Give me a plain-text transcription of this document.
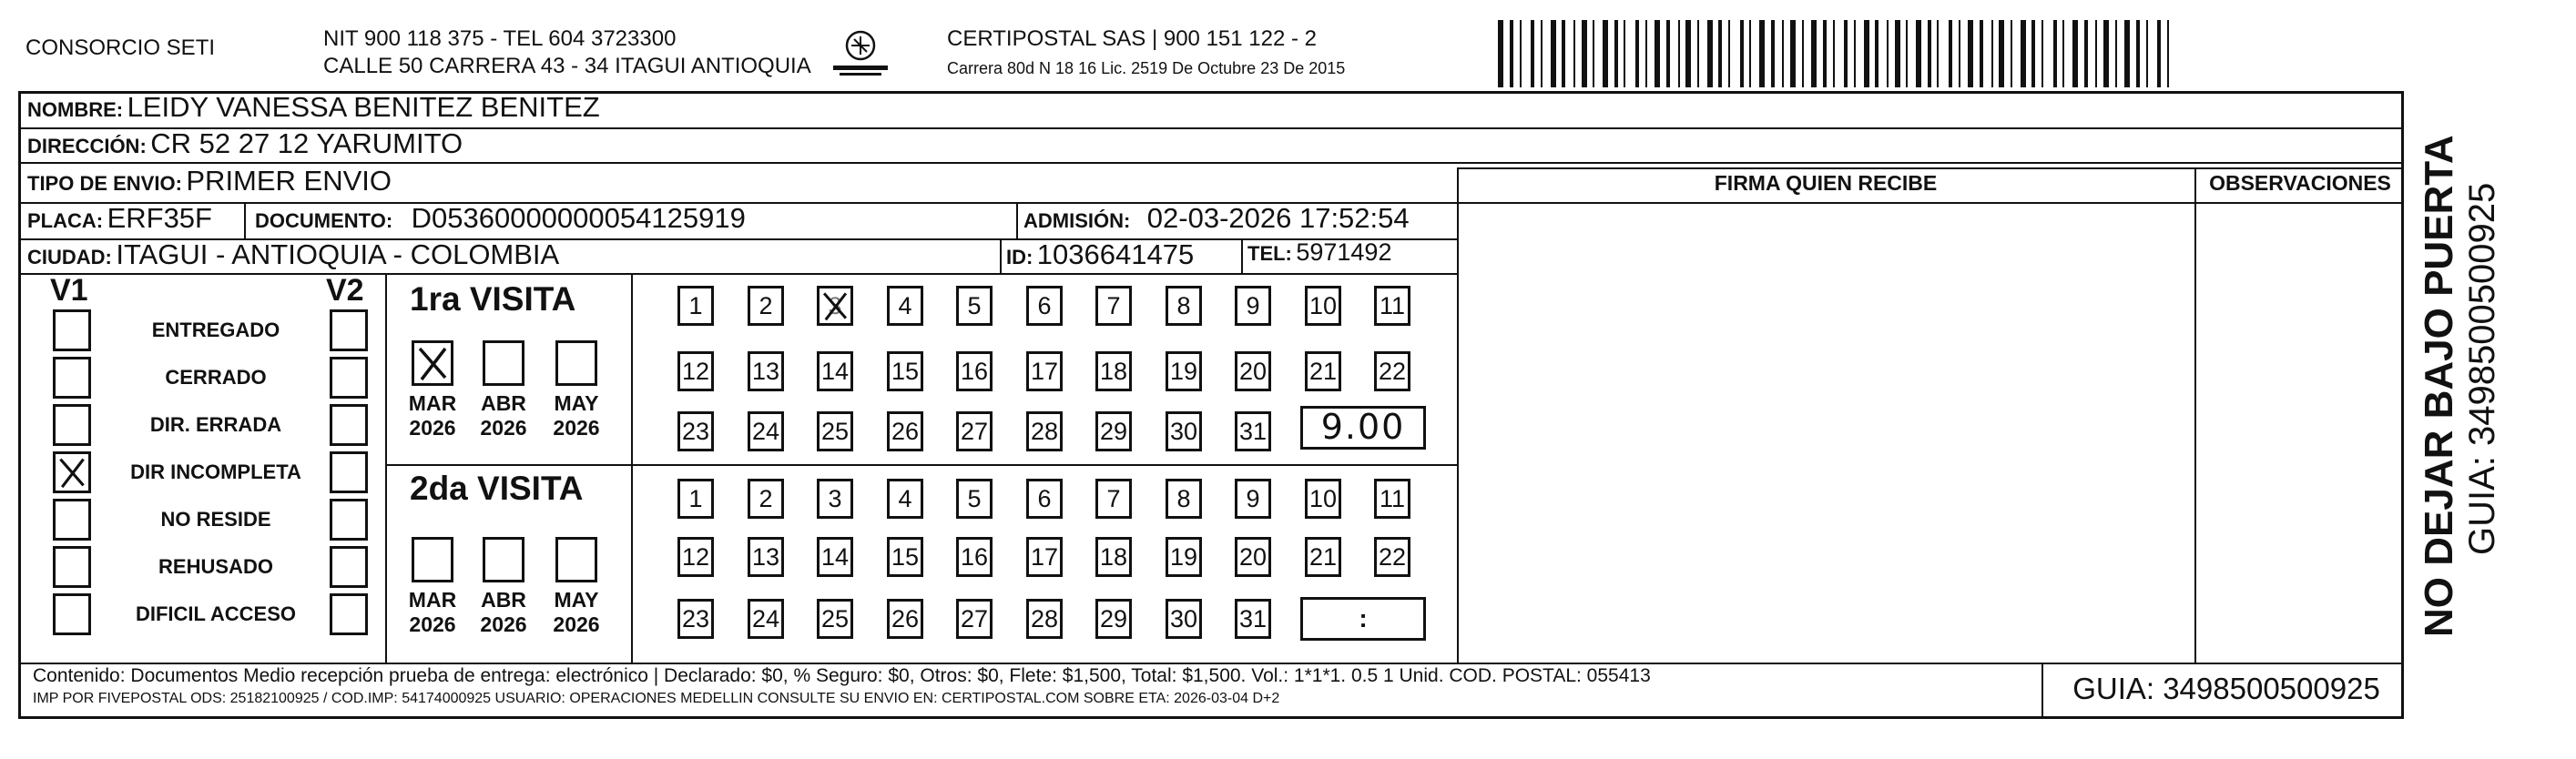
CONSORCIO SETI	NIT 900 118 375 - TEL 604 3723300
CALLE 50 CARRERA 43 - 34 ITAGUI ANTIOQUIA
CERTIPOSTAL SAS | 900 151 122 - 2
Carrera 80d N 18 16 Lic. 2519 De Octubre 23 De 2015
NOMBRE: LEIDY VANESSA BENITEZ BENITEZ
DIRECCIÓN: CR 52 27 12 YARUMITO
TIPO DE ENVIO: PRIMER ENVIO
PLACA: ERF35F DOCUMENTO: D05360000000054125919	ADMISIÓN: 02-03-2026 17:52:54
CIUDAD: ITAGUI - ANTIOQUIA - COLOMBIA	ID: 1036641475	TEL: 5971492
FIRMA QUIEN RECIBE	OBSERVACIONES
V1	V2
ENTREGADO
CERRADO
DIR. ERRADA
DIR INCOMPLETA
NO RESIDE
REHUSADO
DIFICIL ACCESO
1ra VISITA
MAR
2026
ABR
2026
MAY
2026
1 2 3 4 5 6 7 8 9 10 11
12 13 14 15 16 17 18 19 20 21 22
23 24 25 26 27 28 29 30 31	9.00
2da VISITA
MAR
2026
ABR
2026
MAY
2026
1 2 3 4 5 6 7 8 9 10 11
12 13 14 15 16 17 18 19 20 21 22
23 24 25 26 27 28 29 30 31	:
Contenido: Documentos Medio recepción prueba de entrega: electrónico | Declarado: $0, % Seguro: $0, Otros: $0, Flete: $1,500, Total: $1,500. Vol.: 1*1*1. 0.5 1 Unid. COD. POSTAL: 055413
IMP POR FIVEPOSTAL ODS: 25182100925 / COD.IMP: 54174000925 USUARIO: OPERACIONES MEDELLIN CONSULTE SU ENVIO EN: CERTIPOSTAL.COM SOBRE ETA: 2026-03-04 D+2	GUIA: 3498500500925
NO DEJAR BAJO PUERTA GUIA: 3498500500925
